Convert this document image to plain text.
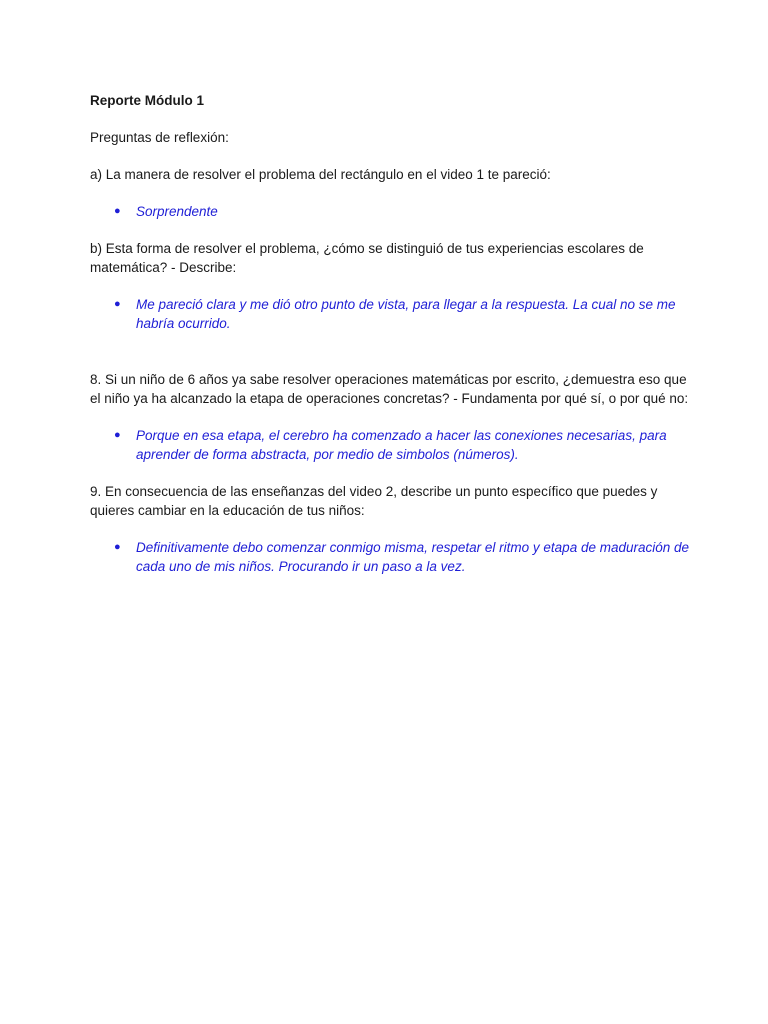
Reporte Módulo 1

Preguntas de reflexión:

a) La manera de resolver el problema del rectángulo en el video 1 te pareció:

● Sorprendente

b) Esta forma de resolver el problema, ¿cómo se distinguió de tus experiencias escolares de matemática? - Describe:

● Me pareció clara y me dió otro punto de vista, para llegar a la respuesta. La cual no se me habría ocurrido.

8. Si un niño de 6 años ya sabe resolver operaciones matemáticas por escrito, ¿demuestra eso que el niño ya ha alcanzado la etapa de operaciones concretas? - Fundamenta por qué sí, o por qué no:

● Porque en esa etapa, el cerebro ha comenzado a hacer las conexiones necesarias, para aprender de forma abstracta, por medio de simbolos (números).

9. En consecuencia de las enseñanzas del video 2, describe un punto específico que puedes y quieres cambiar en la educación de tus niños:

● Definitivamente debo comenzar conmigo misma, respetar el ritmo y etapa de maduración de cada uno de mis niños. Procurando ir un paso a la vez.
